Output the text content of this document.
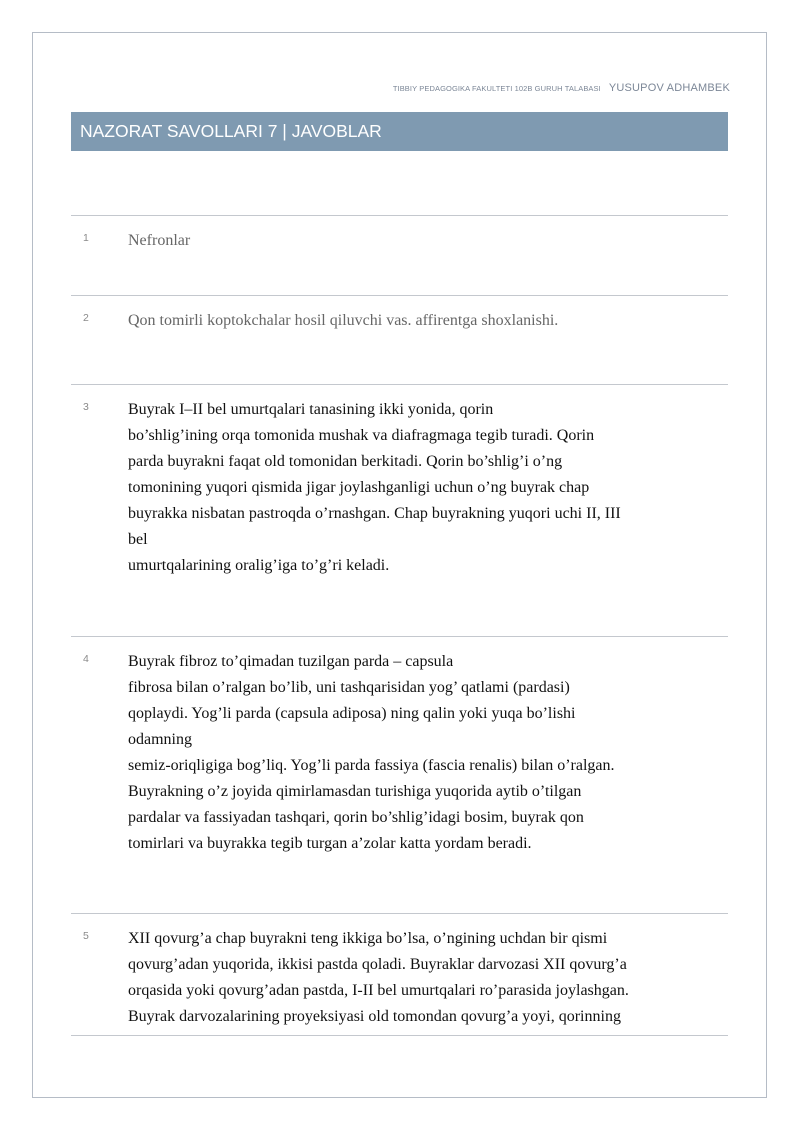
TIBBIY PEDAGOGIKA FAKULTETI 102B GURUH TALABASI YUSUPOV ADHAMBEK
NAZORAT SAVOLLARI 7 | JAVOBLAR
1 Nefronlar
2 Qon tomirli koptokchalar hosil qiluvchi vas. affirentga shoxlanishi.
3 Buyrak I–II bel umurtqalari tanasining ikki yonida, qorin
bo’shlig’ining orqa tomonida mushak va diafragmaga tegib turadi. Qorin
parda buyrakni faqat old tomonidan berkitadi. Qorin bo’shlig’i o’ng
tomonining yuqori qismida jigar joylashganligi uchun o’ng buyrak chap
buyrakka nisbatan pastroqda o’rnashgan. Chap buyrakning yuqori uchi II, III
bel
umurtqalarining oralig’iga to’g’ri keladi.
4 Buyrak fibroz to’qimadan tuzilgan parda – capsula
fibrosa bilan o’ralgan bo’lib, uni tashqarisidan yog’ qatlami (pardasi)
qoplaydi. Yog’li parda (capsula adiposa) ning qalin yoki yuqa bo’lishi
odamning
semiz-oriqligiga bog’liq. Yog’li parda fassiya (fascia renalis) bilan o’ralgan.
Buyrakning o’z joyida qimirlamasdan turishiga yuqorida aytib o’tilgan
pardalar va fassiyadan tashqari, qorin bo’shlig’idagi bosim, buyrak qon
tomirlari va buyrakka tegib turgan a’zolar katta yordam beradi.
5 XII qovurg’a chap buyrakni teng ikkiga bo’lsa, o’ngining uchdan bir qismi
qovurg’adan yuqorida, ikkisi pastda qoladi. Buyraklar darvozasi XII qovurg’a
orqasida yoki qovurg’adan pastda, I-II bel umurtqalari ro’parasida joylashgan.
Buyrak darvozalarining proyeksiyasi old tomondan qovurg’a yoyi, qorinning
